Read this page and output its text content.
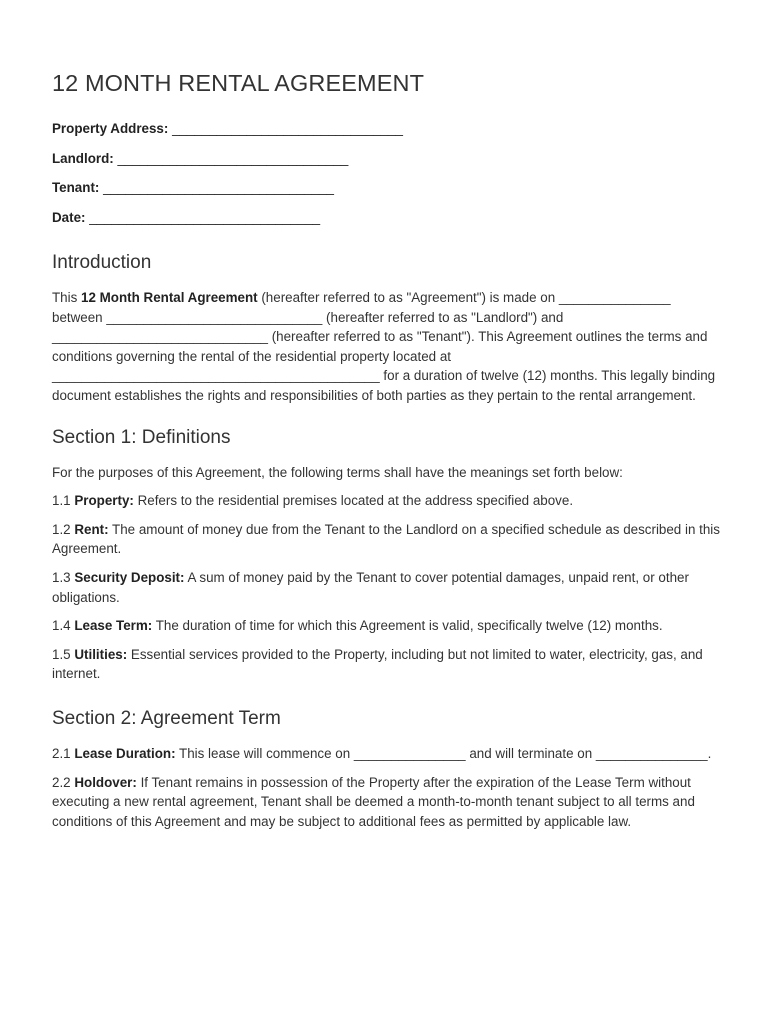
12 MONTH RENTAL AGREEMENT
Property Address: _______________________________
Landlord: _______________________________
Tenant: _______________________________
Date: _______________________________
Introduction

This 12 Month Rental Agreement (hereafter referred to as "Agreement") is made on _______________ between _____________________________ (hereafter referred to as "Landlord") and _____________________________ (hereafter referred to as "Tenant"). This Agreement outlines the terms and conditions governing the rental of the residential property located at ____________________________________________ for a duration of twelve (12) months. This legally binding document establishes the rights and responsibilities of both parties as they pertain to the rental arrangement.

Section 1: Definitions

For the purposes of this Agreement, the following terms shall have the meanings set forth below:

1.1 Property: Refers to the residential premises located at the address specified above.

1.2 Rent: The amount of money due from the Tenant to the Landlord on a specified schedule as described in this Agreement.

1.3 Security Deposit: A sum of money paid by the Tenant to cover potential damages, unpaid rent, or other obligations.

1.4 Lease Term: The duration of time for which this Agreement is valid, specifically twelve (12) months.

1.5 Utilities: Essential services provided to the Property, including but not limited to water, electricity, gas, and internet.

Section 2: Agreement Term

2.1 Lease Duration: This lease will commence on _______________ and will terminate on _______________.

2.2 Holdover: If Tenant remains in possession of the Property after the expiration of the Lease Term without executing a new rental agreement, Tenant shall be deemed a month-to-month tenant subject to all terms and conditions of this Agreement and may be subject to additional fees as permitted by applicable law.
